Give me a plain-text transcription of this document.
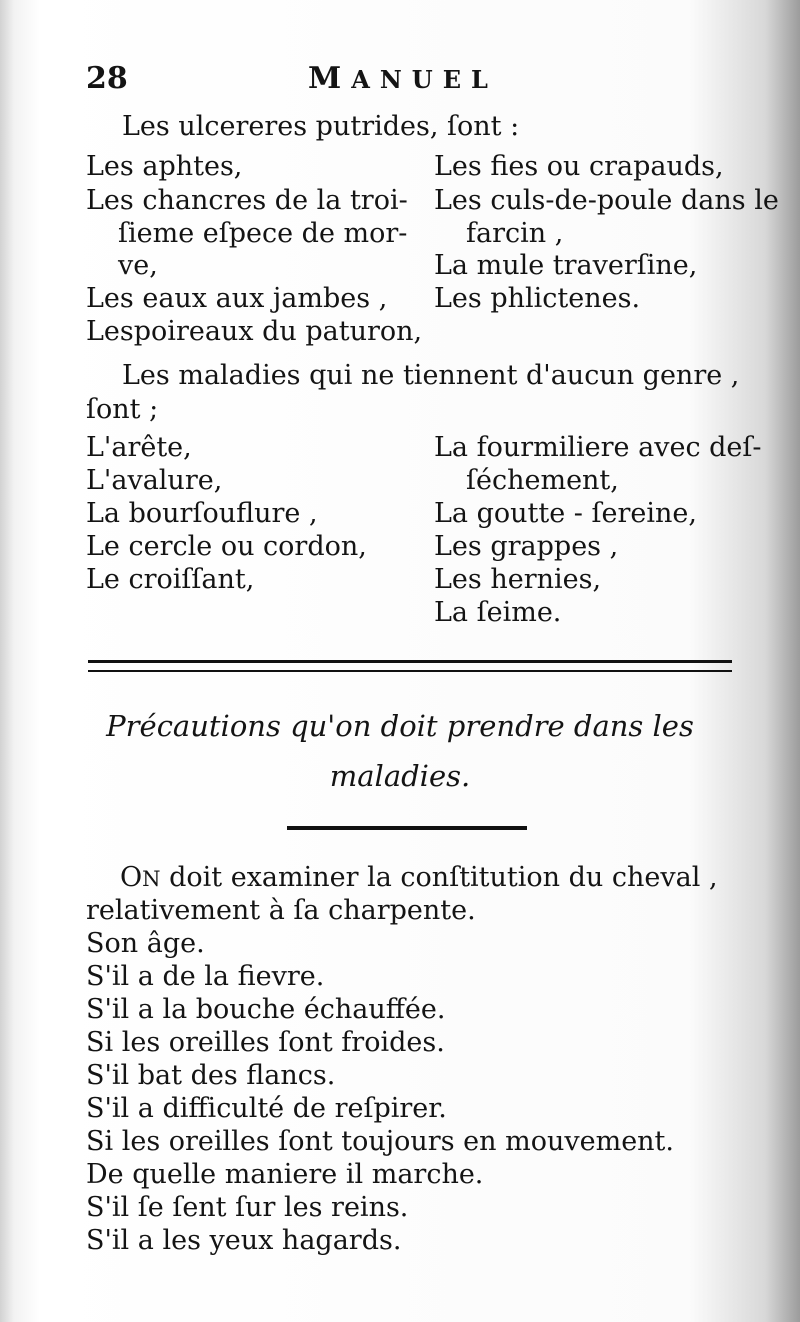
28	MANUEL
Les ulcereres putrides, ſont :
Les aphtes,
Les chancres de la troi-
ſieme eſpece de mor-
ve,
Les eaux aux jambes ,
Lespoireaux du paturon,
Les fies ou crapauds,
Les culs-de-poule dans le
farcin ,
La mule traverſine,
Les phlictenes.
Les maladies qui ne tiennent d'aucun genre ,
ſont ;
L'arête,
L'avalure,
La bourſouflure ,
Le cercle ou cordon,
Le croiſſant,
La fourmiliere avec deſ-
ſéchement,
La goutte - ſereine,
Les grappes ,
Les hernies,
La ſeime.
Précautions qu'on doit prendre dans les
maladies.
ON doit examiner la conſtitution du cheval ,
relativement à ſa charpente.
Son âge.
S'il a de la fievre.
S'il a la bouche échauffée.
Si les oreilles ſont froides.
S'il bat des flancs.
S'il a difficulté de reſpirer.
Si les oreilles ſont toujours en mouvement.
De quelle maniere il marche.
S'il ſe ſent ſur les reins.
S'il a les yeux hagards.
